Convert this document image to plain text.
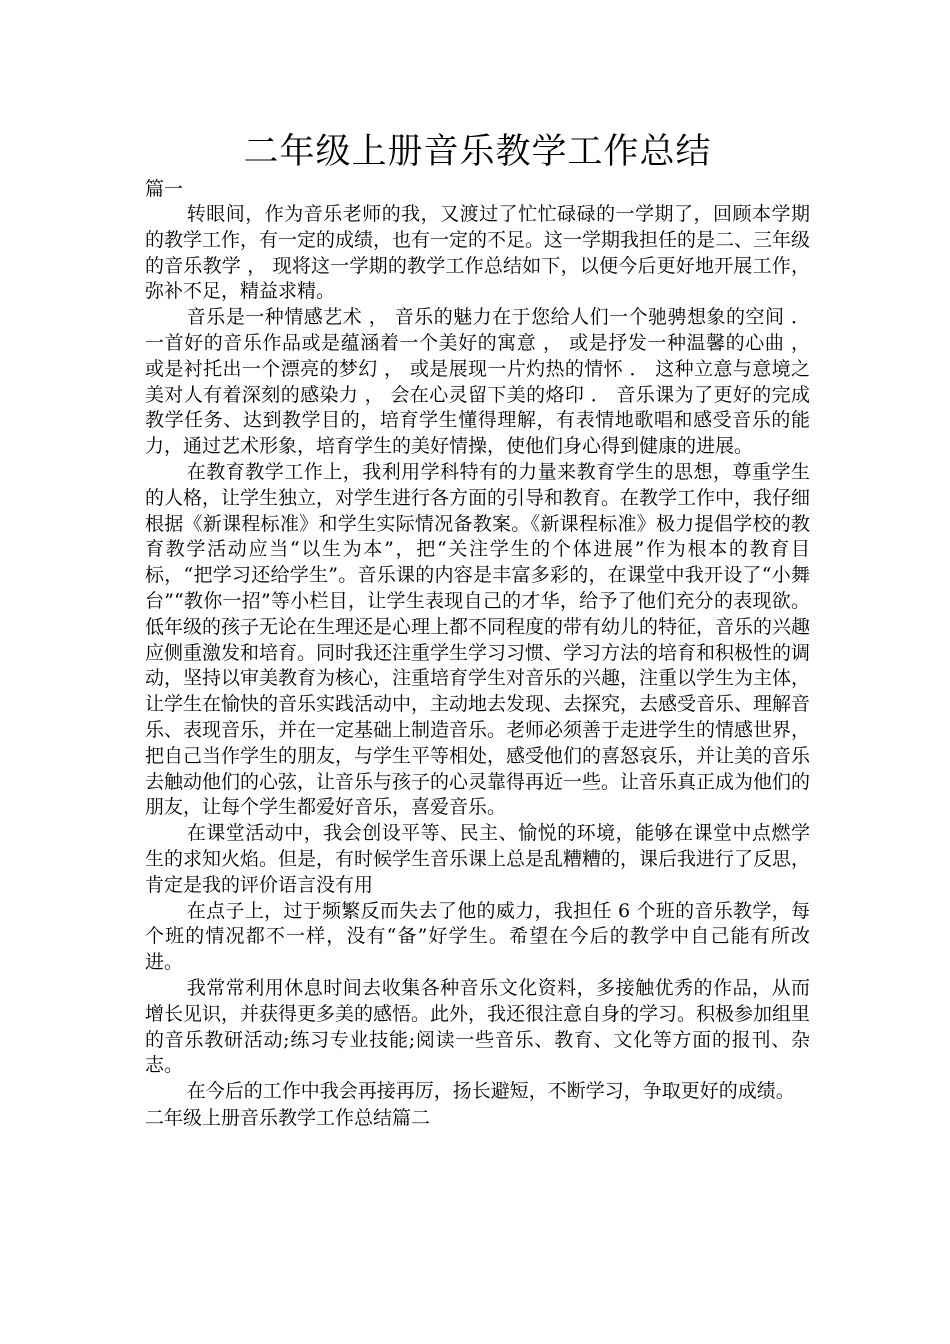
二年级上册音乐教学工作总结

篇一

转眼间，作为音乐老师的我，又渡过了忙忙碌碌的一学期了，回顾本学期的教学工作，有一定的成绩，也有一定的不足。这一学期我担任的是二、三年级的音乐教学 ， 现将这一学期的教学工作总结如下，以便今后更好地开展工作，弥补不足，精益求精。

音乐是一种情感艺术 ， 音乐的魅力在于您给人们一个驰骋想象的空间 ． 一首好的音乐作品或是蕴涵着一个美好的寓意 ， 或是抒发一种温馨的心曲 ， 或是衬托出一个漂亮的梦幻 ， 或是展现一片灼热的情怀 ． 这种立意与意境之美对人有着深刻的感染力 ， 会在心灵留下美的烙印 ． 音乐课为了更好的完成教学任务、达到教学目的，培育学生懂得理解，有表情地歌唱和感受音乐的能力，通过艺术形象，培育学生的美好情操，使他们身心得到健康的进展。

在教育教学工作上，我利用学科特有的力量来教育学生的思想，尊重学生的人格，让学生独立，对学生进行各方面的引导和教育。在教学工作中，我仔细根据《新课程标准》和学生实际情况备教案。《新课程标准》极力提倡学校的教育教学活动应当“以生为本”，把“关注学生的个体进展”作为根本的教育目标，“把学习还给学生”。音乐课的内容是丰富多彩的，在课堂中我开设了“小舞台”“教你一招”等小栏目，让学生表现自己的才华，给予了他们充分的表现欲。低年级的孩子无论在生理还是心理上都不同程度的带有幼儿的特征，音乐的兴趣应侧重激发和培育。同时我还注重学生学习习惯、学习方法的培育和积极性的调动，坚持以审美教育为核心，注重培育学生对音乐的兴趣，注重以学生为主体，让学生在愉快的音乐实践活动中，主动地去发现、去探究，去感受音乐、理解音乐、表现音乐，并在一定基础上制造音乐。老师必须善于走进学生的情感世界，把自己当作学生的朋友，与学生平等相处，感受他们的喜怒哀乐，并让美的音乐去触动他们的心弦，让音乐与孩子的心灵靠得再近一些。让音乐真正成为他们的朋友，让每个学生都爱好音乐，喜爱音乐。

在课堂活动中，我会创设平等、民主、愉悦的环境，能够在课堂中点燃学生的求知火焰。但是，有时候学生音乐课上总是乱糟糟的，课后我进行了反思，肯定是我的评价语言没有用

在点子上，过于频繁反而失去了他的威力，我担任 6 个班的音乐教学，每个班的情况都不一样，没有“备”好学生。希望在今后的教学中自己能有所改进。

我常常利用休息时间去收集各种音乐文化资料，多接触优秀的作品，从而增长见识，并获得更多美的感悟。此外，我还很注意自身的学习。积极参加组里的音乐教研活动;练习专业技能;阅读一些音乐、教育、文化等方面的报刊、杂志。

在今后的工作中我会再接再厉，扬长避短，不断学习，争取更好的成绩。

二年级上册音乐教学工作总结篇二
